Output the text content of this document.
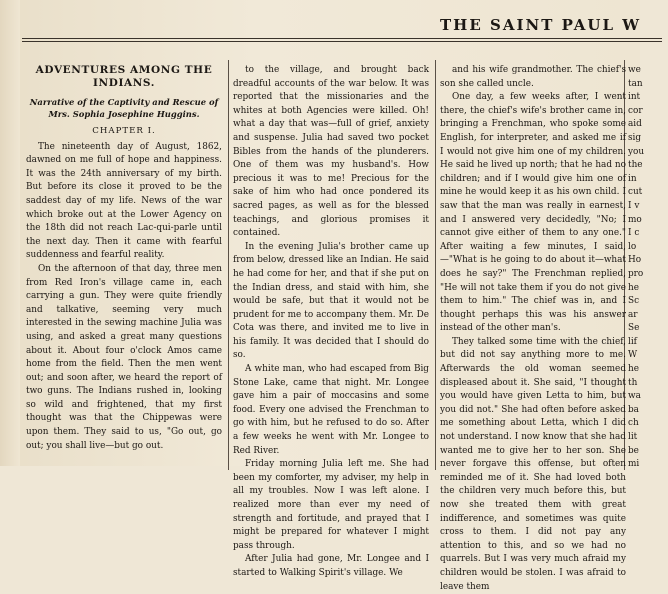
THE SAINT PAUL W
ADVENTURES AMONG THE INDIANS.
Narrative of the Captivity and Rescue of Mrs. Sophia Josephine Huggins.
CHAPTER I.

The nineteenth day of August, 1862, dawned on me full of hope and happiness. It was the 24th anniversary of my birth. But before its close it proved to be the saddest day of my life. News of the war which broke out at the Lower Agency on the 18th did not reach Lac-qui-parle until the next day. Then it came with fearful suddenness and fearful reality.

On the afternoon of that day, three men from Red Iron's village came in, each carrying a gun. They were quite friendly and talkative, seeming very much interested in the sewing machine Julia was using, and asked a great many questions about it. About four o'clock Amos came home from the field. Then the men went out; and soon after, we heard the report of two guns. The Indians rushed in, looking so wild and frightened, that my first thought was that the Chippewas were upon them. They said to us, "Go out, go out; you shall live—but go out.

to the village, and brought back dreadful accounts of the war below. It was reported that the missionaries and the whites at both Agencies were killed. Oh! what a day that was—full of grief, anxiety and suspense. Julia had saved two pocket Bibles from the hands of the plunderers. One of them was my husband's. How precious it was to me! Precious for the sake of him who had once pondered its sacred pages, as well as for the blessed teachings, and glorious promises it contained.

In the evening Julia's brother came up from below, dressed like an Indian. He said he had come for her, and that if she put on the Indian dress, and staid with him, she would be safe, but that it would not be prudent for me to accompany them. Mr. De Cota was there, and invited me to live in his family. It was decided that I should do so.

A white man, who had escaped from Big Stone Lake, came that night. Mr. Longee gave him a pair of moccasins and some food. Every one advised the Frenchman to go with him, but he refused to do so. After a few weeks he went with Mr. Longee to Red River.

Friday morning Julia left me. She had been my comforter, my adviser, my help in all my troubles. Now I was left alone. I realized more than ever my need of strength and fortitude, and prayed that I might be prepared for whatever I might pass through.

After Julia had gone, Mr. Longee and I started to Walking Spirit's village. We

and his wife grandmother. The chief's son she called uncle.

One day, a few weeks after, I went there, the chief's wife's brother came in, bringing a Frenchman, who spoke some English, for interpreter, and asked me if I would not give him one of my children. He said he lived up north; that he had no children; and if I would give him one of mine he would keep it as his own child. I saw that the man was really in earnest, and I answered very decidedly, "No; I cannot give either of them to any one." After waiting a few minutes, I said,—"What is he going to do about it—what does he say?" The Frenchman replied, "He will not take them if you do not give them to him." The chief was in, and I thought perhaps this was his answer instead of the other man's.

They talked some time with the chief, but did not say anything more to me. Afterwards the old woman seemed displeased about it. She said, "I thought you would have given Letta to him, but you did not." She had often before asked me something about Letta, which I did not understand. I now know that she had wanted me to give her to her son. She never forgave this offense, but often reminded me of it. She had loved both the children very much before this, but now she treated them with great indifference, and sometimes was quite cross to them. I did not pay any attention to this, and so we had no quarrels. But I was very much afraid my children would be stolen. I was afraid to leave them

we
tan
int
cor
aid
sig
you
the
in
cut
I v
mo
I c
lo
Ho
pro
he
Sc
ar
Se
lif
W
he
th
wa
ba
ch
lit
be
mi
